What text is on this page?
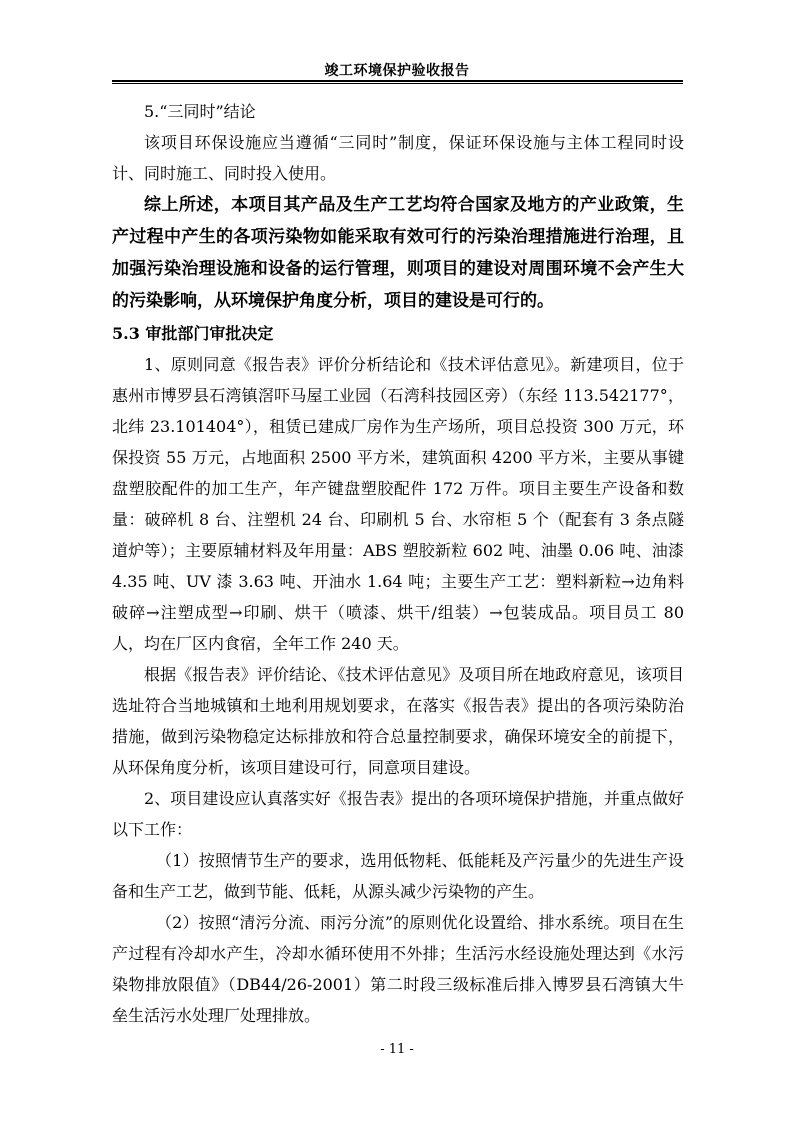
竣工环境保护验收报告

5.“三同时”结论

该项目环保设施应当遵循“三同时”制度，保证环保设施与主体工程同时设计、同时施工、同时投入使用。

综上所述，本项目其产品及生产工艺均符合国家及地方的产业政策，生产过程中产生的各项污染物如能采取有效可行的污染治理措施进行治理，且加强污染治理设施和设备的运行管理，则项目的建设对周围环境不会产生大的污染影响，从环境保护角度分析，项目的建设是可行的。

5.3 审批部门审批决定

1、原则同意《报告表》评价分析结论和《技术评估意见》。新建项目，位于惠州市博罗县石湾镇滘吓马屋工业园（石湾科技园区旁）（东经 113.542177°，北纬 23.101404°），租赁已建成厂房作为生产场所，项目总投资 300 万元，环保投资 55 万元，占地面积 2500 平方米，建筑面积 4200 平方米，主要从事键盘塑胶配件的加工生产，年产键盘塑胶配件 172 万件。项目主要生产设备和数量：破碎机 8 台、注塑机 24 台、印刷机 5 台、水帘柜 5 个（配套有 3 条点隧道炉等）；主要原辅材料及年用量：ABS 塑胶新粒 602 吨、油墨 0.06 吨、油漆 4.35 吨、UV 漆 3.63 吨、开油水 1.64 吨；主要生产工艺：塑料新粒→边角料破碎→注塑成型→印刷、烘干（喷漆、烘干/组装）→包装成品。项目员工 80 人，均在厂区内食宿，全年工作 240 天。

根据《报告表》评价结论、《技术评估意见》及项目所在地政府意见，该项目选址符合当地城镇和土地利用规划要求，在落实《报告表》提出的各项污染防治措施，做到污染物稳定达标排放和符合总量控制要求，确保环境安全的前提下，从环保角度分析，该项目建设可行，同意项目建设。

2、项目建设应认真落实好《报告表》提出的各项环境保护措施，并重点做好以下工作：

（1）按照情节生产的要求，选用低物耗、低能耗及产污量少的先进生产设备和生产工艺，做到节能、低耗，从源头减少污染物的产生。

（2）按照“清污分流、雨污分流”的原则优化设置给、排水系统。项目在生产过程有冷却水产生，冷却水循环使用不外排；生活污水经设施处理达到《水污染物排放限值》（DB44/26-2001）第二时段三级标准后排入博罗县石湾镇大牛垒生活污水处理厂处理排放。

- 11 -
